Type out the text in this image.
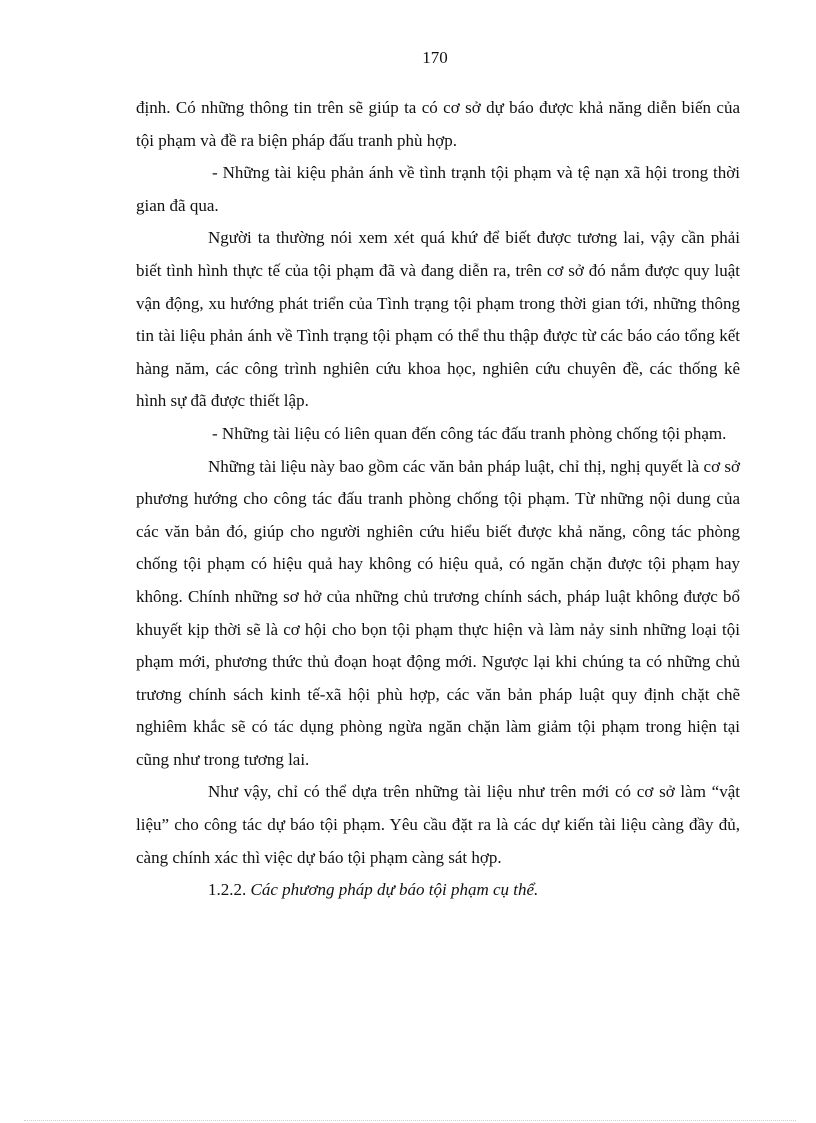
170

định. Có những thông tin trên sẽ giúp ta có cơ sở dự báo được khả năng diễn biến của tội phạm và đề ra biện pháp đấu tranh phù hợp.

- Những tài kiệu phản ánh về tình trạnh tội phạm và tệ nạn xã hội trong thời gian đã qua.

Người ta thường nói xem xét quá khứ để biết được tương lai, vậy cần phải biết tình hình thực tế của tội phạm đã và đang diễn ra, trên cơ sở đó nắm được quy luật vận động, xu hướng phát triển của Tình trạng tội phạm trong thời gian tới, những thông tin tài liệu phản ánh về Tình trạng tội phạm có thể thu thập được từ các báo cáo tổng kết hàng năm, các công trình nghiên cứu khoa học, nghiên cứu chuyên đề, các thống kê hình sự đã được thiết lập.

- Những tài liệu có liên quan đến công tác đấu tranh phòng chống tội phạm.

Những tài liệu này bao gồm các văn bản pháp luật, chỉ thị, nghị quyết là cơ sở phương hướng cho công tác đấu tranh phòng chống tội phạm. Từ những nội dung của các văn bản đó, giúp cho người nghiên cứu hiểu biết được khả năng, công tác phòng chống tội phạm có hiệu quả hay không có hiệu quả, có ngăn chặn được tội phạm hay không. Chính những sơ hở của những chủ trương chính sách, pháp luật không được bổ khuyết kịp thời sẽ là cơ hội cho bọn tội phạm thực hiện và làm nảy sinh những loại tội phạm mới, phương thức thủ đoạn hoạt động mới. Ngược lại khi chúng ta có những chủ trương chính sách kinh tế-xã hội phù hợp, các văn bản pháp luật quy định chặt chẽ nghiêm khắc sẽ có tác dụng phòng ngừa ngăn chặn làm giảm tội phạm trong hiện tại cũng như trong tương lai.

Như vậy, chỉ có thể dựa trên những tài liệu như trên mới có cơ sở làm “vật liệu” cho công tác dự báo tội phạm. Yêu cầu đặt ra là các dự kiến tài liệu càng đầy đủ, càng chính xác thì việc dự báo tội phạm càng sát hợp.

1.2.2. Các phương pháp dự báo tội phạm cụ thể.
